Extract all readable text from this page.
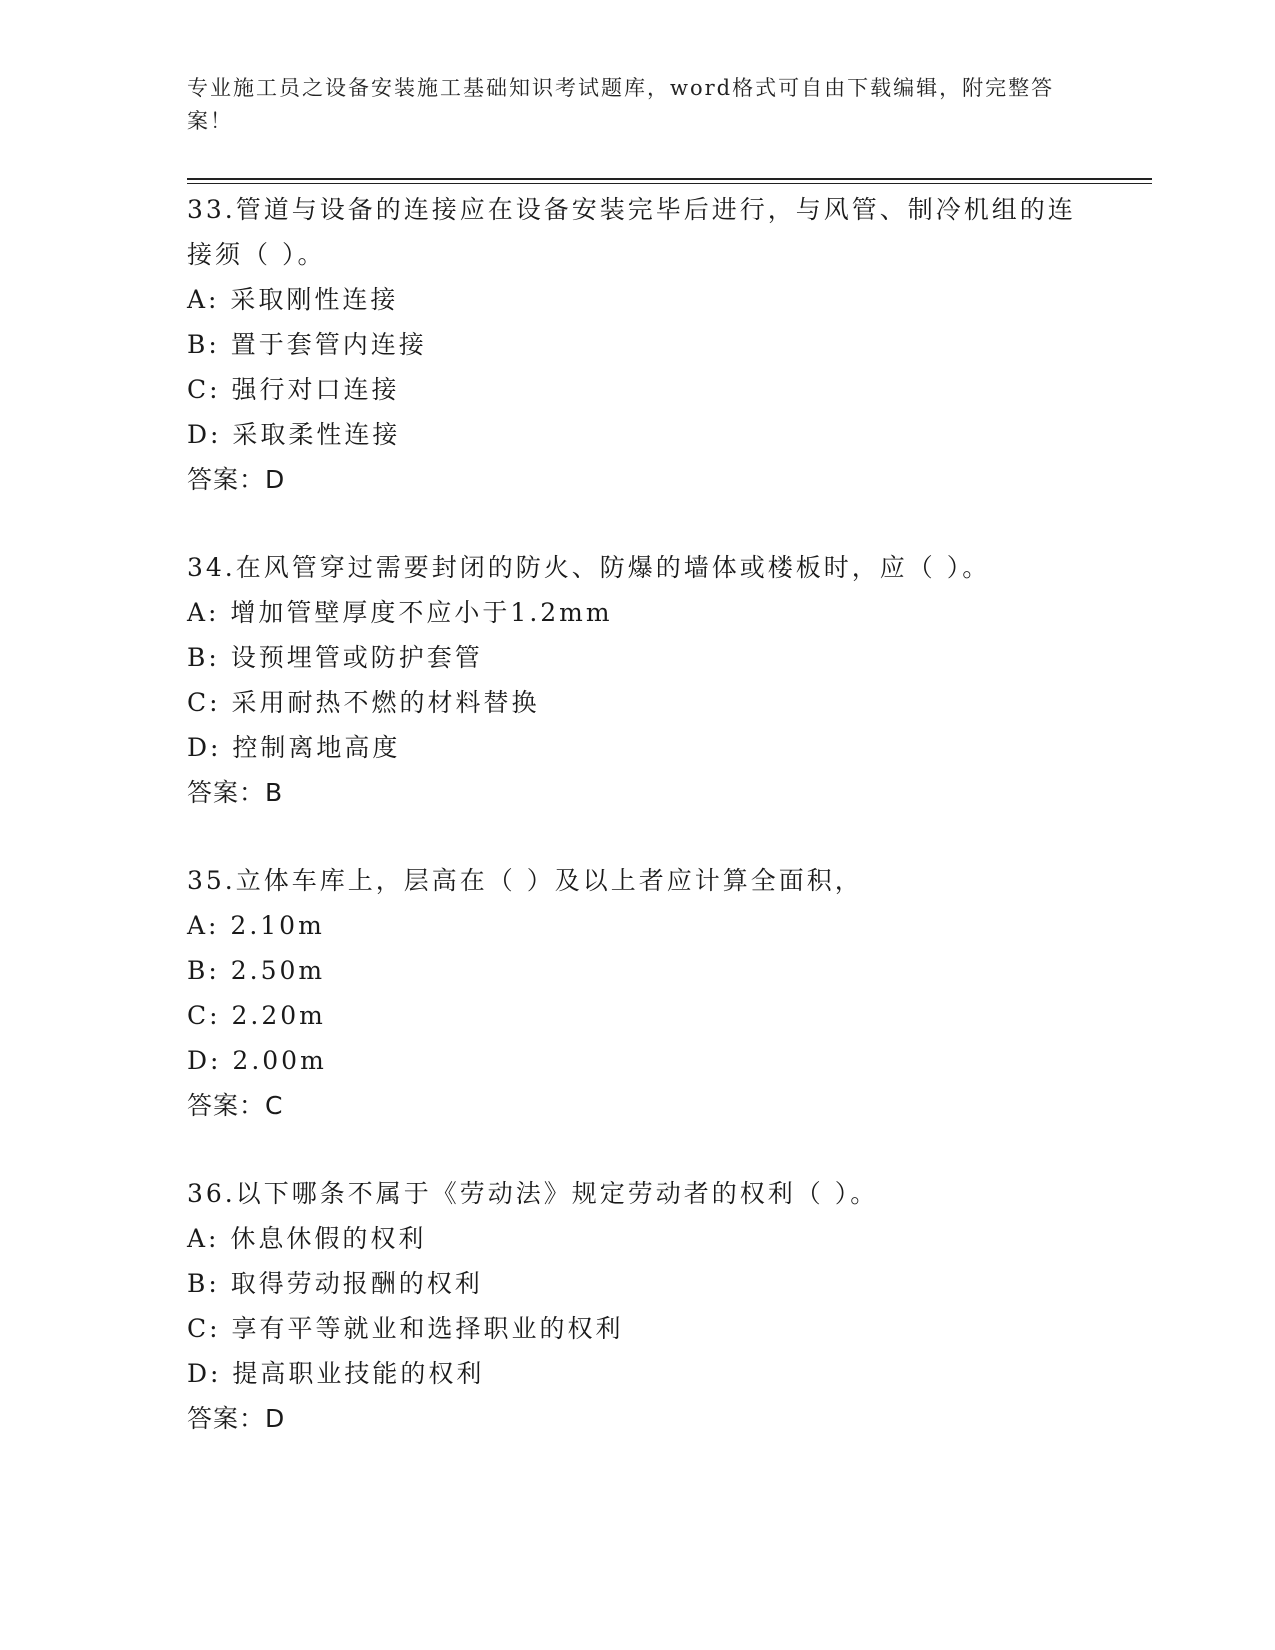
专业施工员之设备安装施工基础知识考试题库，word格式可自由下载编辑，附完整答案！
33.管道与设备的连接应在设备安装完毕后进行，与风管、制冷机组的连接须（ ）。
A: 采取刚性连接
B: 置于套管内连接
C: 强行对口连接
D: 采取柔性连接
答案：D
34.在风管穿过需要封闭的防火、防爆的墙体或楼板时，应（ ）。
A: 增加管壁厚度不应小于1.2mm
B: 设预埋管或防护套管
C: 采用耐热不燃的材料替换
D: 控制离地高度
答案：B
35.立体车库上，层高在（ ）及以上者应计算全面积，
A: 2.10m
B: 2.50m
C: 2.20m
D: 2.00m
答案：C
36.以下哪条不属于《劳动法》规定劳动者的权利（ ）。
A: 休息休假的权利
B: 取得劳动报酬的权利
C: 享有平等就业和选择职业的权利
D: 提高职业技能的权利
答案：D
